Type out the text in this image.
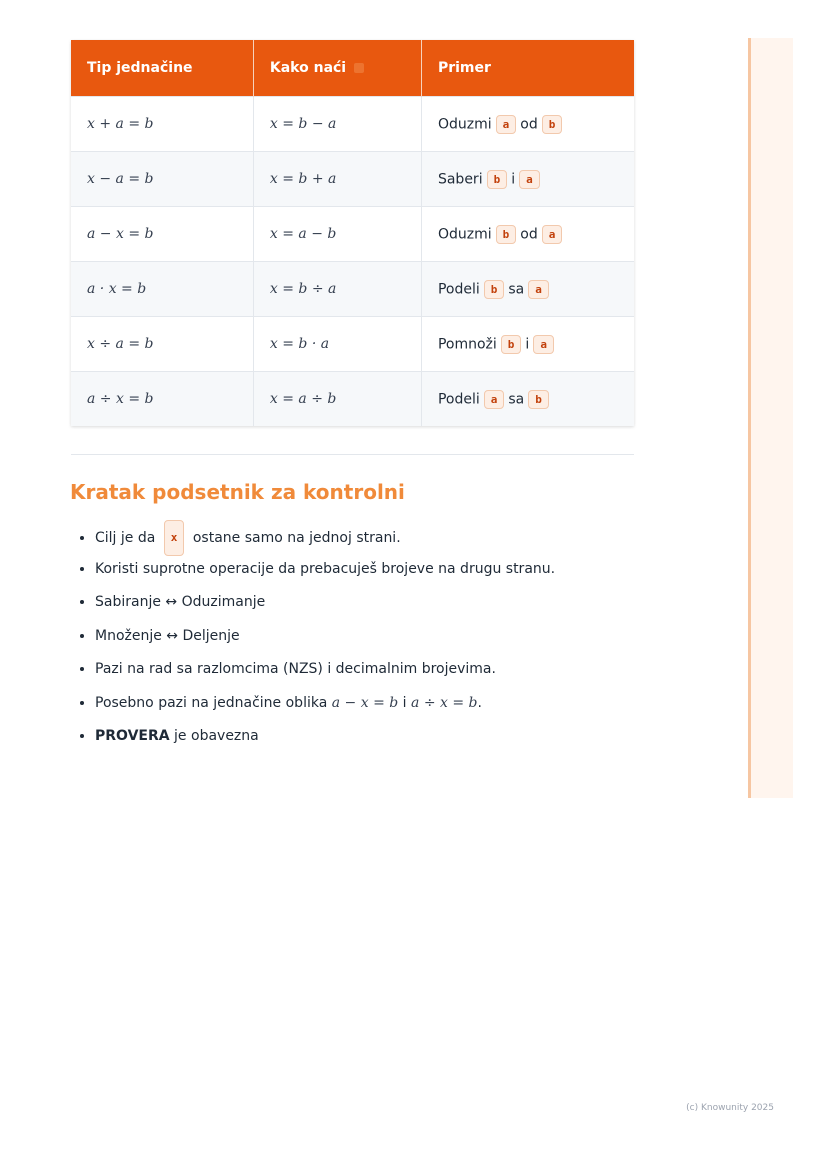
Tip jednačine	Kako naći	Primer
x + a = b	x = b − a	Oduzmi a od b
x − a = b	x = b + a	Saberi b i a
a − x = b	x = a − b	Oduzmi b od a
a · x = b	x = b ÷ a	Podeli b sa a
x ÷ a = b	x = b · a	Pomnoži b i a
a ÷ x = b	x = a ÷ b	Podeli a sa b
Kratak podsetnik za kontrolni
• Cilj je da x ostane samo na jednoj strani.
• Koristi suprotne operacije da prebacuješ brojeve na drugu stranu.
• Sabiranje ↔ Oduzimanje
• Množenje ↔ Deljenje
• Pazi na rad sa razlomcima (NZS) i decimalnim brojevima.
• Posebno pazi na jednačine oblika a − x = b i a ÷ x = b.
• PROVERA je obavezna
(c) Knowunity 2025
